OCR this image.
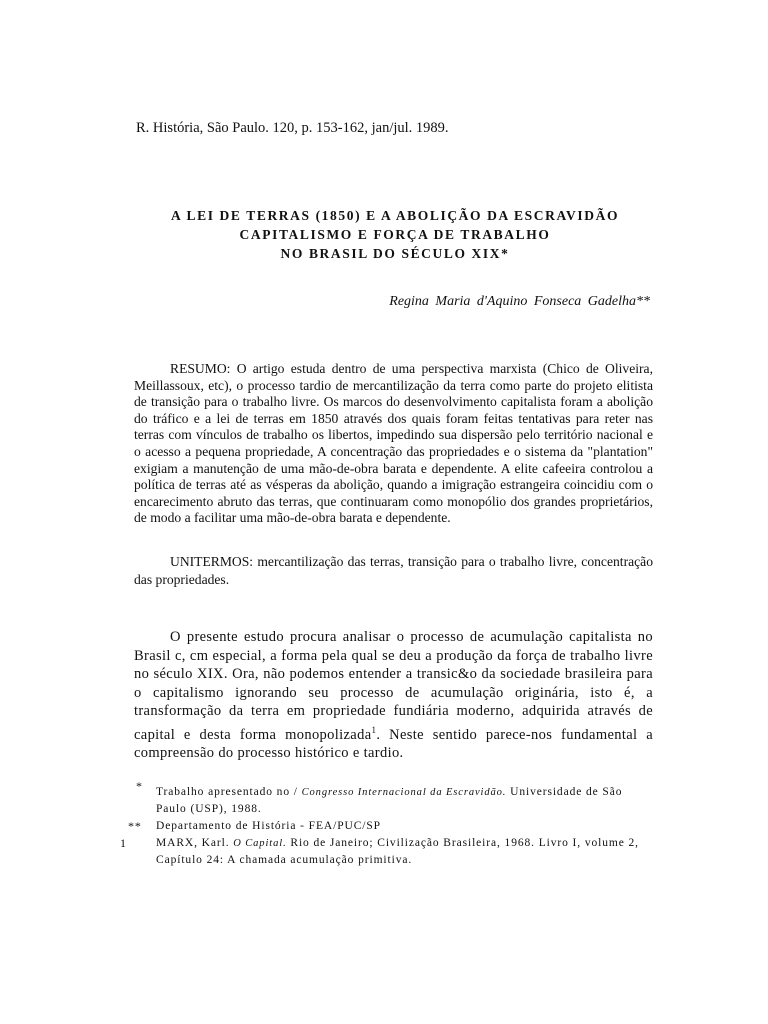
R. História, São Paulo. 120, p. 153-162, jan/jul. 1989.

A LEI DE TERRAS (1850) E A ABOLIÇÃO DA ESCRAVIDÃO
CAPITALISMO E FORÇA DE TRABALHO
NO BRASIL DO SÉCULO XIX*
Regina Maria d'Aquino Fonseca Gadelha**

RESUMO: O artigo estuda dentro de uma perspectiva marxista (Chico de Oliveira, Meillassoux, etc), o processo tardio de mercantilização da terra como parte do projeto elitista de transição para o trabalho livre. Os marcos do desenvolvimento capitalista foram a abolição do tráfico e a lei de terras em 1850 através dos quais foram feitas tentativas para reter nas terras com vínculos de trabalho os libertos, impedindo sua dispersão pelo território nacional e o acesso a pequena propriedade, A concentração das propriedades e o sistema da "plantation" exigiam a manutenção de uma mão-de-obra barata e dependente. A elite cafeeira controlou a política de terras até as vésperas da abolição, quando a imigração estrangeira coincidiu com o encarecimento abruto das terras, que continuaram como monopólio dos grandes proprietários, de modo a facilitar uma mão-de-obra barata e dependente.

UNITERMOS: mercantilização das terras, transição para o trabalho livre, concentração das propriedades.

O presente estudo procura analisar o processo de acumulação capitalista no Brasil c, cm especial, a forma pela qual se deu a produção da força de trabalho livre no século XIX. Ora, não podemos entender a transic&o da sociedade brasileira para o capitalismo ignorando seu processo de acumulação originária, isto é, a transformação da terra em propriedade fundiária moderno, adquirida através de capital e desta forma monopolizada$^1$. Neste sentido parece-nos fundamental a compreensão do processo histórico e tardio.

* Trabalho apresentado no / Congresso Internacional da Escravidão. Universidade de São Paulo (USP), 1988.
** Departamento de História - FEA/PUC/SP
1	MARX, Karl. O Capital. Rio de Janeiro; Civilização Brasileira, 1968. Livro I, volume 2, Capítulo 24: A chamada acumulação primitiva.
